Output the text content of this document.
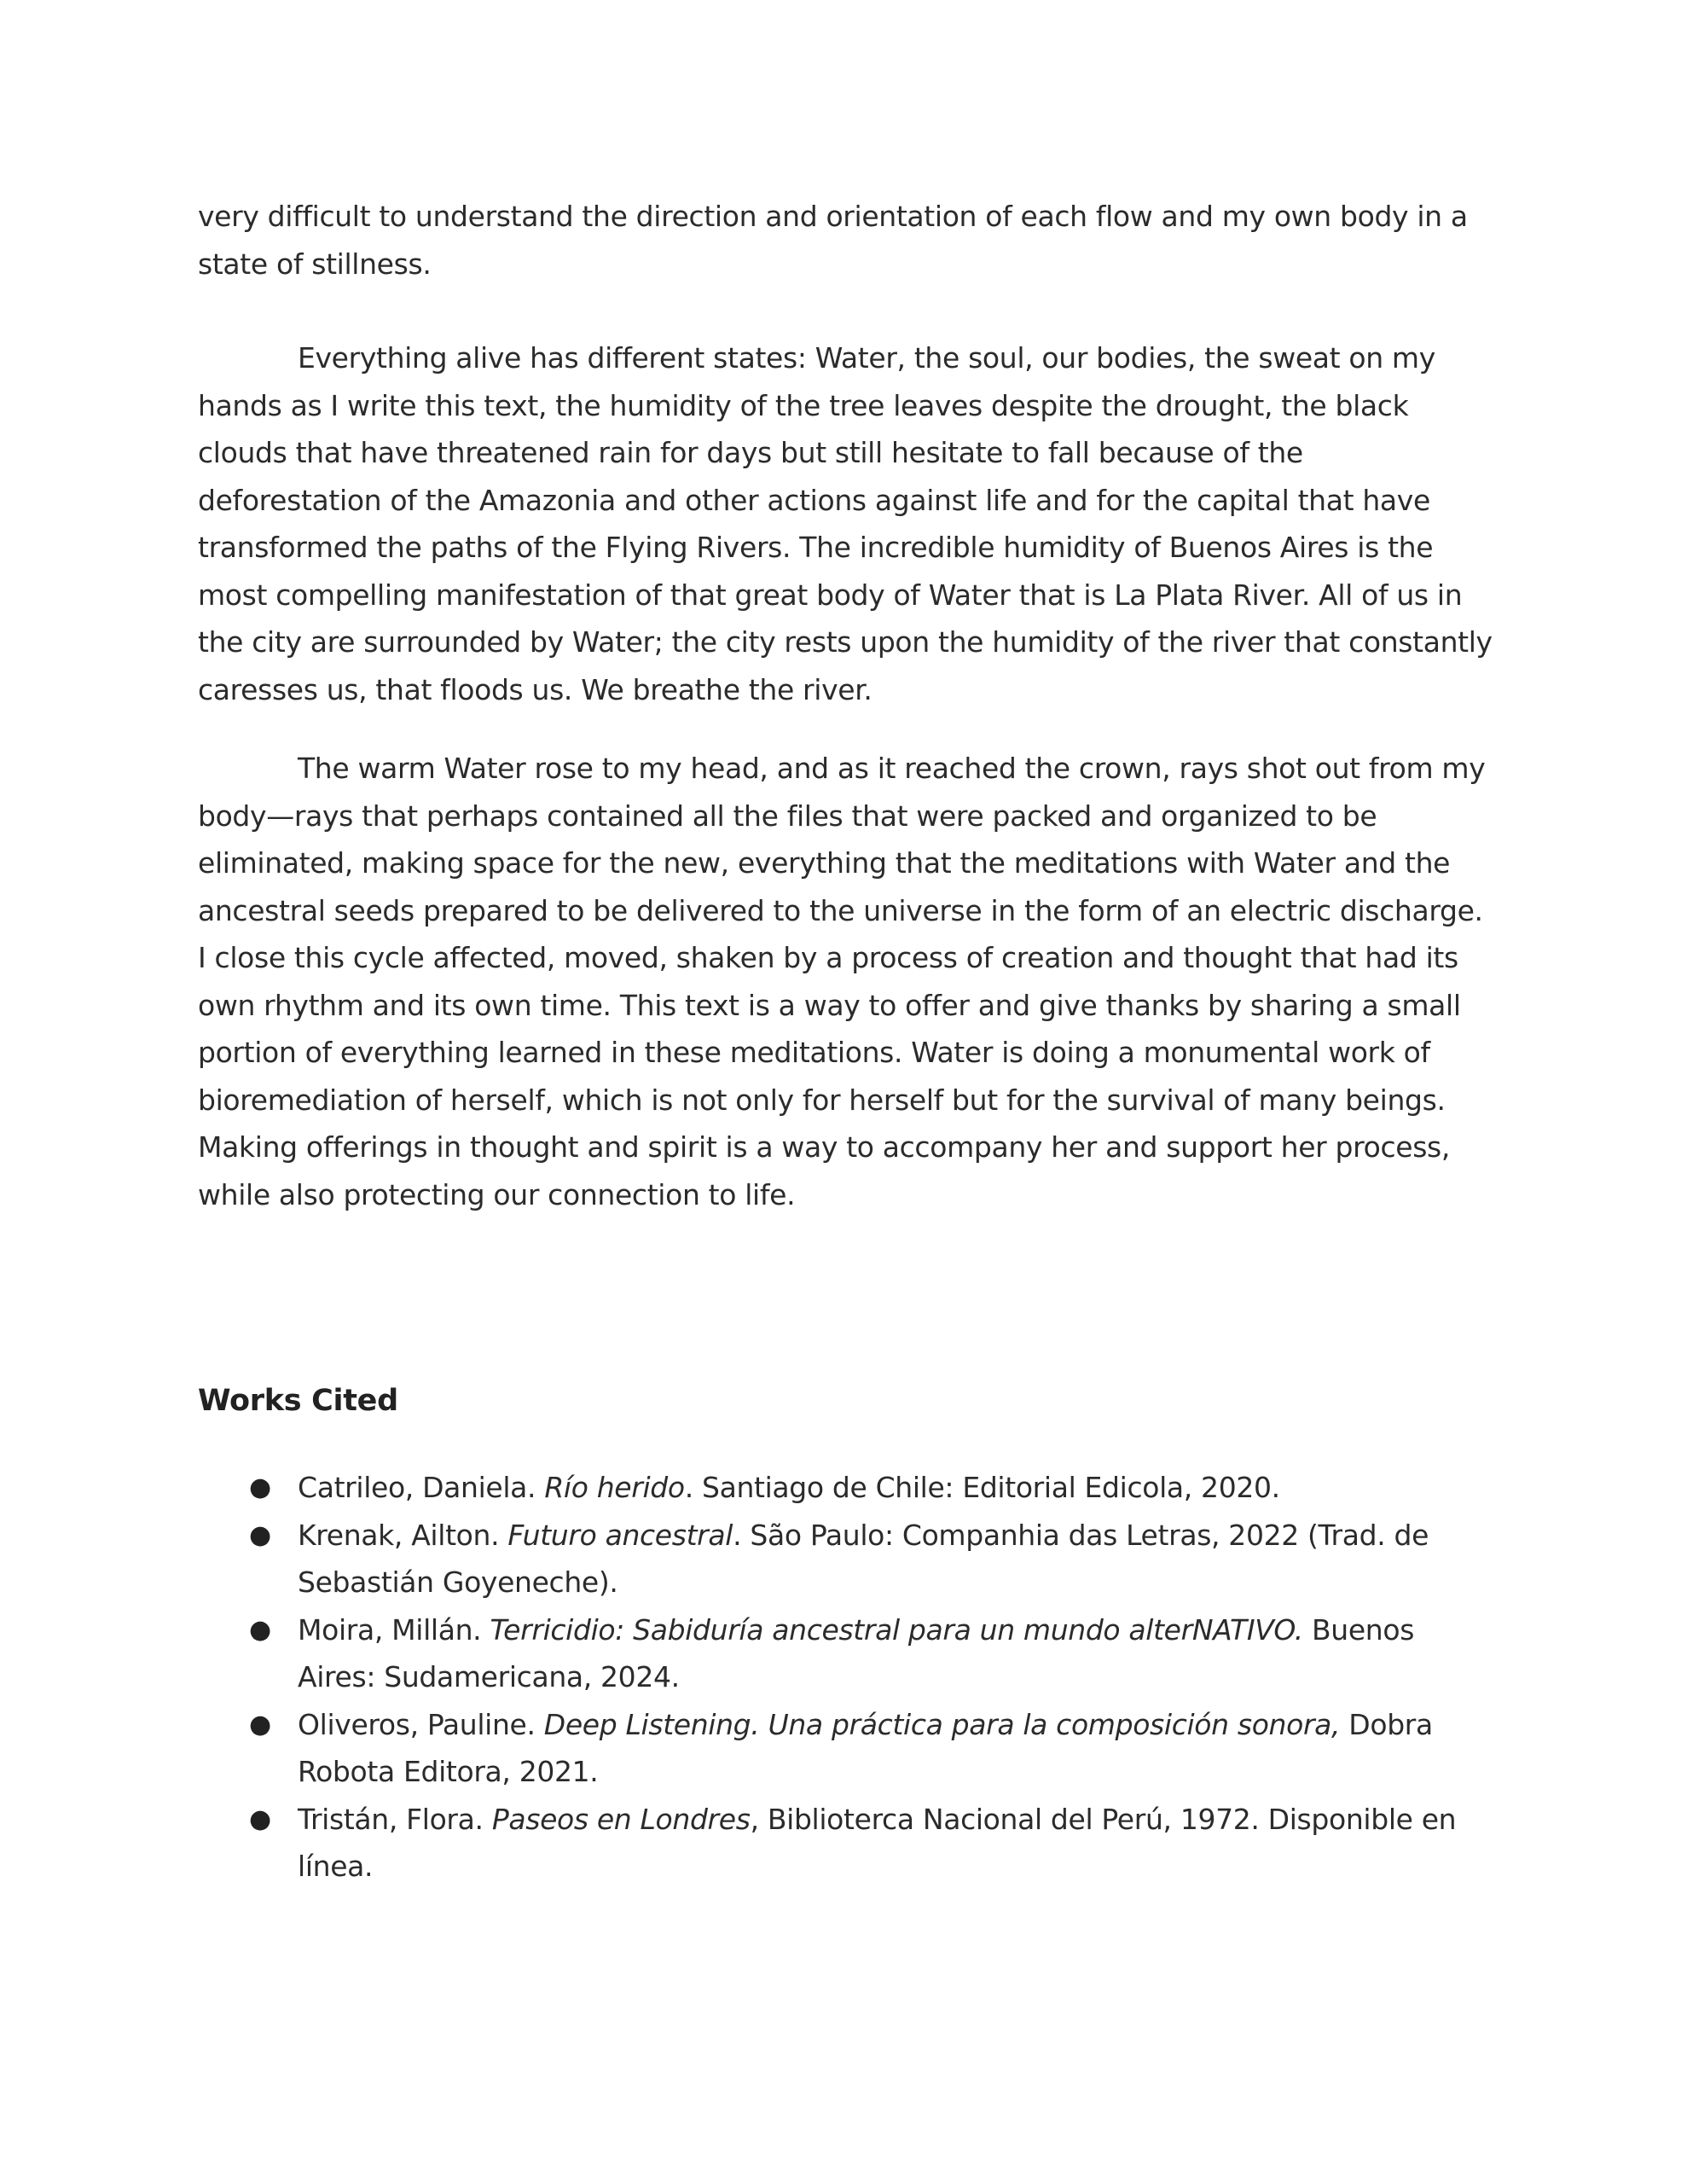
very difficult to understand the direction and orientation of each flow and my own body in a state of stillness.

Everything alive has different states: Water, the soul, our bodies, the sweat on my hands as I write this text, the humidity of the tree leaves despite the drought, the black clouds that have threatened rain for days but still hesitate to fall because of the deforestation of the Amazonia and other actions against life and for the capital that have transformed the paths of the Flying Rivers. The incredible humidity of Buenos Aires is the most compelling manifestation of that great body of Water that is La Plata River. All of us in the city are surrounded by Water; the city rests upon the humidity of the river that constantly caresses us, that floods us. We breathe the river.

The warm Water rose to my head, and as it reached the crown, rays shot out from my body—rays that perhaps contained all the files that were packed and organized to be eliminated, making space for the new, everything that the meditations with Water and the ancestral seeds prepared to be delivered to the universe in the form of an electric discharge. I close this cycle affected, moved, shaken by a process of creation and thought that had its own rhythm and its own time. This text is a way to offer and give thanks by sharing a small portion of everything learned in these meditations. Water is doing a monumental work of bioremediation of herself, which is not only for herself but for the survival of many beings. Making offerings in thought and spirit is a way to accompany her and support her process, while also protecting our connection to life.

Works Cited
● Catrileo, Daniela. Río herido. Santiago de Chile: Editorial Edicola, 2020.
● Krenak, Ailton. Futuro ancestral. São Paulo: Companhia das Letras, 2022 (Trad. de Sebastián Goyeneche).
● Moira, Millán. Terricidio: Sabiduría ancestral para un mundo alterNATIVO. Buenos Aires: Sudamericana, 2024.
● Oliveros, Pauline. Deep Listening. Una práctica para la composición sonora, Dobra Robota Editora, 2021.
● Tristán, Flora. Paseos en Londres, Biblioterca Nacional del Perú, 1972. Disponible en línea.
